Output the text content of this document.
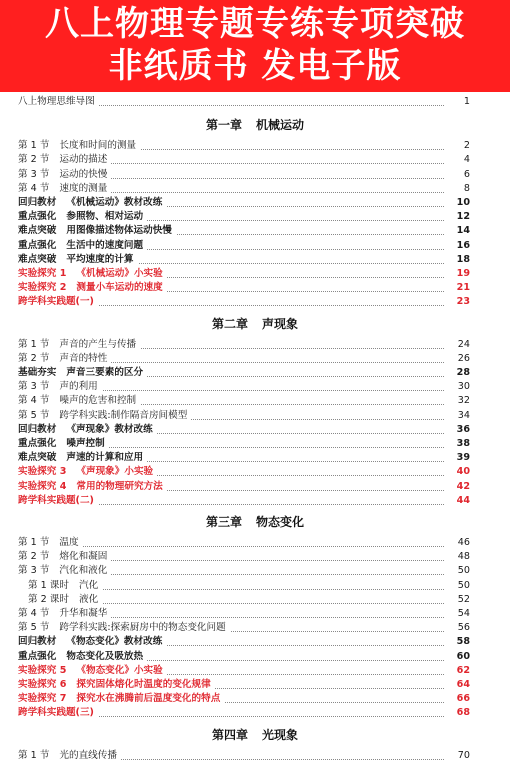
八上物理专题专练专项突破
非纸质书 发电子版
八上物理思维导图	1
第一章 机械运动
第 1 节 长度和时间的测量	2
第 2 节 运动的描述	4
第 3 节 运动的快慢	6
第 4 节 速度的测量	8
回归教材 《机械运动》教材改练	10
重点强化 参照物、相对运动	12
难点突破 用图像描述物体运动快慢	14
重点强化 生活中的速度问题	16
难点突破 平均速度的计算	18
实验探究 1 《机械运动》小实验	19
实验探究 2 测量小车运动的速度	21
跨学科实践题(一)	23
第二章 声现象
第 1 节 声音的产生与传播	24
第 2 节 声音的特性	26
基础夯实 声音三要素的区分	28
第 3 节 声的利用	30
第 4 节 噪声的危害和控制	32
第 5 节 跨学科实践:制作隔音房间模型	34
回归教材 《声现象》教材改练	36
重点强化 噪声控制	38
难点突破 声速的计算和应用	39
实验探究 3 《声现象》小实验	40
实验探究 4 常用的物理研究方法	42
跨学科实践题(二)	44
第三章 物态变化
第 1 节 温度	46
第 2 节 熔化和凝固	48
第 3 节 汽化和液化	50
第 1 课时 汽化	50
第 2 课时 液化	52
第 4 节 升华和凝华	54
第 5 节 跨学科实践:探索厨房中的物态变化问题	56
回归教材 《物态变化》教材改练	58
重点强化 物态变化及吸放热	60
实验探究 5 《物态变化》小实验	62
实验探究 6 探究固体熔化时温度的变化规律	64
实验探究 7 探究水在沸腾前后温度变化的特点	66
跨学科实践题(三)	68
第四章 光现象
第 1 节 光的直线传播	70
